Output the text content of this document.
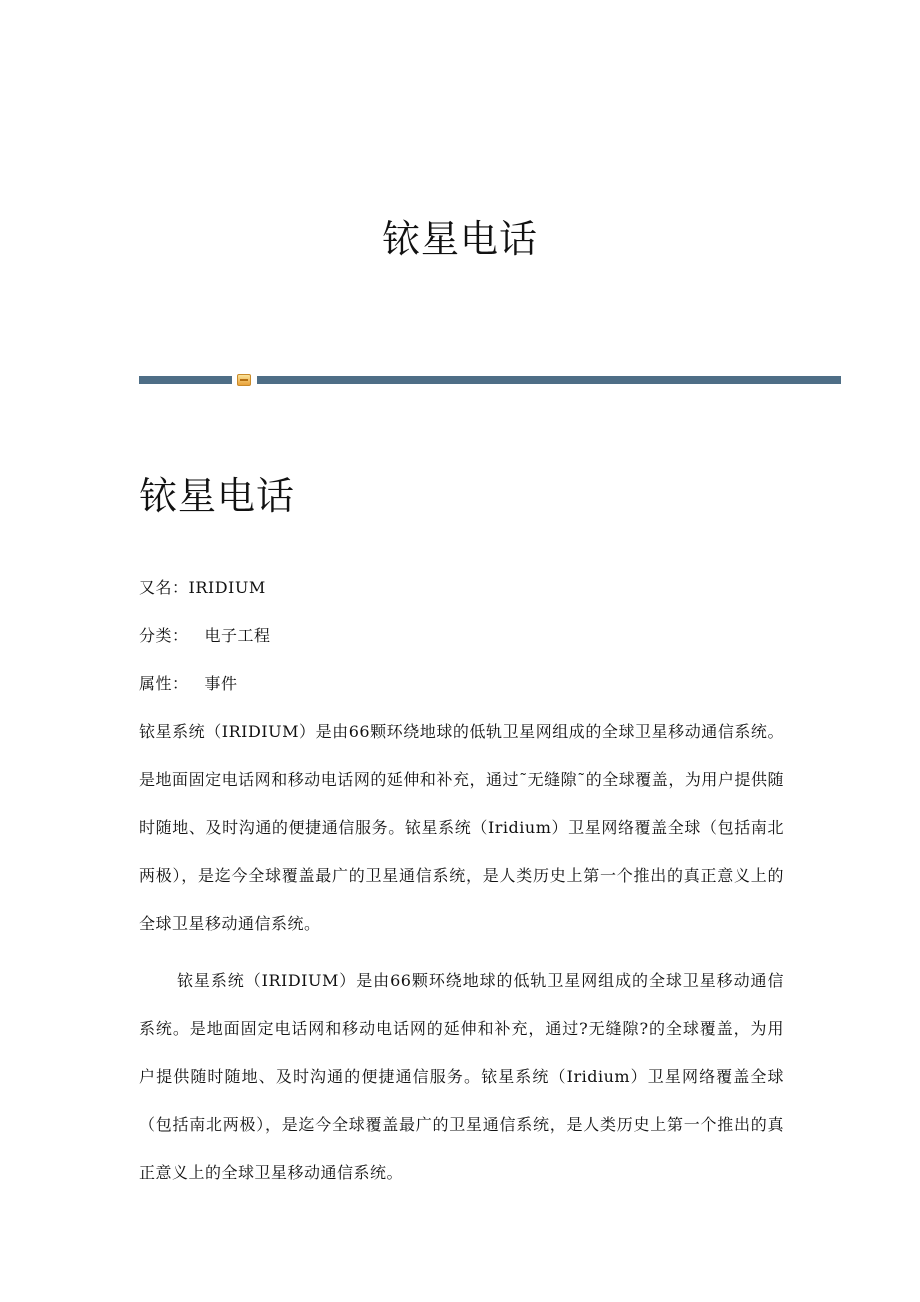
铱星电话
铱星电话

又名：IRIDIUM

分类： 电子工程

属性： 事件

铱星系统（IRIDIUM）是由66颗环绕地球的低轨卫星网组成的全球卫星移动通信系统。是地面固定电话网和移动电话网的延伸和补充，通过˜无缝隙˜的全球覆盖，为用户提供随时随地、及时沟通的便捷通信服务。铱星系统（Iridium）卫星网络覆盖全球（包括南北两极），是迄今全球覆盖最广的卫星通信系统，是人类历史上第一个推出的真正意义上的全球卫星移动通信系统。

铱星系统（IRIDIUM）是由66颗环绕地球的低轨卫星网组成的全球卫星移动通信系统。是地面固定电话网和移动电话网的延伸和补充，通过?无缝隙?的全球覆盖，为用户提供随时随地、及时沟通的便捷通信服务。铱星系统（Iridium）卫星网络覆盖全球（包括南北两极），是迄今全球覆盖最广的卫星通信系统，是人类历史上第一个推出的真正意义上的全球卫星移动通信系统。
